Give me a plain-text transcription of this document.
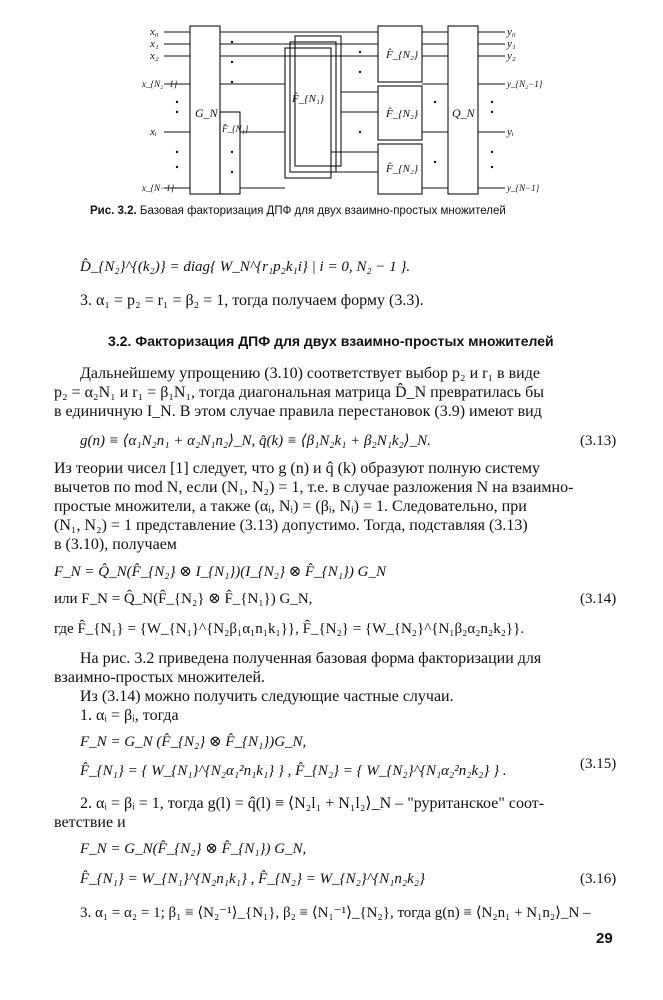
x₀
x₁
x₂
x_{N₂−1}
xᵢ
x_{N−1}
y₀
y₁
y₂
y_{N₂−1}
yᵢ
y_{N−1}
G_N
F̂_{N₁}
F̂_{N₁}
F̂_{N₂}
F̂_{N₂}
F̂_{N₂}
Q_N
Рис. 3.2. Базовая факторизация ДПФ для двух взаимно-простых множителей
D̂_{N₂}^{(k₂)} = diag{ W_N^{r₁p₂k₁i} | i = 0, N₂ − 1 }.
3. α₁ = p₂ = r₁ = β₂ = 1, тогда получаем форму (3.3).
3.2. Факторизация ДПФ для двух взаимно-простых множителей
Дальнейшему упрощению (3.10) соответствует выбор p₂ и r₁ в виде
p₂ = α₂N₁ и r₁ = β₁N₁, тогда диагональная матрица D̂_N превратилась бы
в единичную I_N. В этом случае правила перестановок (3.9) имеют вид
g(n) ≡ ⟨α₁N₂n₁ + α₂N₁n₂⟩_N, q̂(k) ≡ ⟨β₁N₂k₁ + β₂N₁k₂⟩_N.	(3.13)
Из теории чисел [1] следует, что g (n) и q̂ (k) образуют полную систему
вычетов по mod N, если (N₁, N₂) = 1, т.е. в случае разложения N на взаимно-
простые множители, а также (αᵢ, Nᵢ) = (βᵢ, Nᵢ) = 1. Следовательно, при
(N₁, N₂) = 1 представление (3.13) допустимо. Тогда, подставляя (3.13)
в (3.10), получаем
F_N = Q̂_N(F̂_{N₂} ⊗ I_{N₁})(I_{N₂} ⊗ F̂_{N₁}) G_N
или F_N = Q̂_N(F̂_{N₂} ⊗ F̂_{N₁}) G_N,	(3.14)
где F̂_{N₁} = {W_{N₁}^{N₂β₁α₁n₁k₁}}, F̂_{N₂} = {W_{N₂}^{N₁β₂α₂n₂k₂}}.
На рис. 3.2 приведена полученная базовая форма факторизации для
взаимно-простых множителей.
Из (3.14) можно получить следующие частные случаи.
1. αᵢ = βᵢ, тогда
F_N = G_N (F̂_{N₂} ⊗ F̂_{N₁})G_N,
F̂_{N₁} = { W_{N₁}^{N₂α₁²n₁k₁} } , F̂_{N₂} = { W_{N₂}^{N₁α₂²n₂k₂} } .	(3.15)
2. αᵢ = βᵢ = 1, тогда g(l) = q̂(l) ≡ ⟨N₂l₁ + N₁l₂⟩_N – "руританское" соот-
ветствие и
F_N = G_N(F̂_{N₂} ⊗ F̂_{N₁}) G_N,
F̂_{N₁} = W_{N₁}^{N₂n₁k₁} , F̂_{N₂} = W_{N₂}^{N₁n₂k₂}	(3.16)
3. α₁ = α₂ = 1; β₁ ≡ ⟨N₂⁻¹⟩_{N₁}, β₂ ≡ ⟨N₁⁻¹⟩_{N₂}, тогда g(n) ≡ ⟨N₂n₁ + N₁n₂⟩_N –
29
